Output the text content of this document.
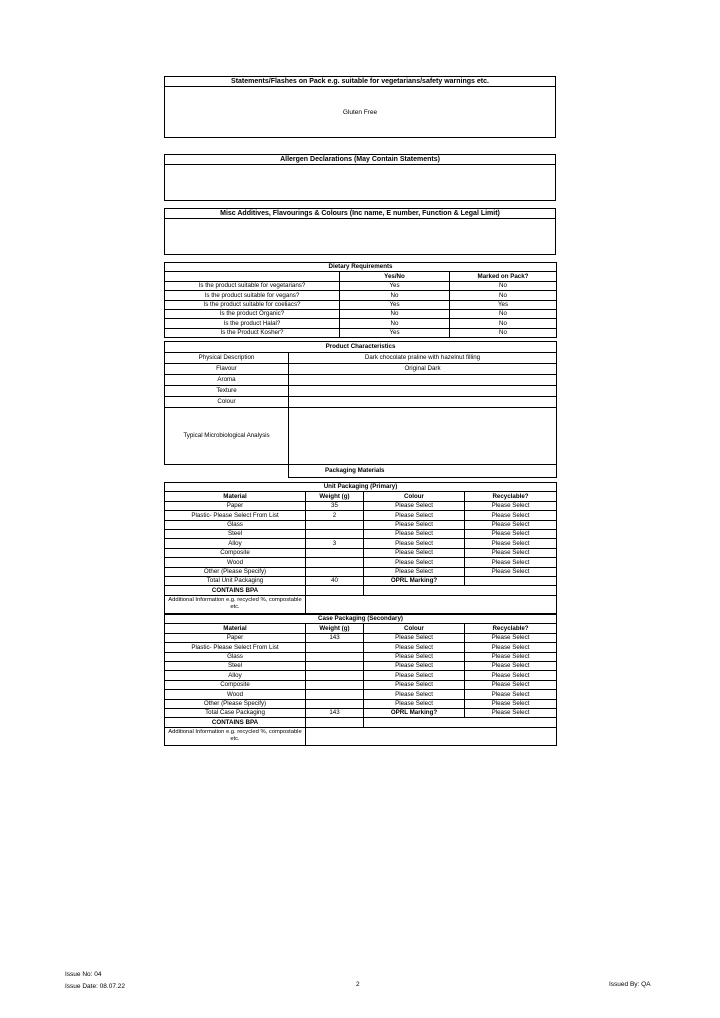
Statements/Flashes on Pack e.g. suitable for vegetarians/safety warnings etc.
Gluten Free
Allergen Declarations (May Contain Statements)
Misc Additives, Flavourings & Colours (Inc name, E number, Function & Legal Limit)
Dietary Requirements		
	Yes/No	Marked on Pack?
Is the product suitable for vegetarians?	Yes	No
Is the product suitable for vegans?	No	No
Is the product suitable for coeliacs?	Yes	Yes
Is the product Organic?	No	No
Is the product Halal?	No	No
Is the Product Kosher?	Yes	No
Product Characteristics	
Physical Description	Dark chocolate praline with hazelnut filling
Flavour	Original Dark
Aroma	
Texture	
Colour	
Typical Microbiological Analysis	
	Packaging Materials
Unit Packaging (Primary)			
Material	Weight (g)	Colour	Recyclable?
Paper	35	Please Select	Please Select
Plastic- Please Select From List	2	Please Select	Please Select
Glass		Please Select	Please Select
Steel		Please Select	Please Select
Alloy	3	Please Select	Please Select
Composite		Please Select	Please Select
Wood		Please Select	Please Select
Other (Please Specify)		Please Select	Please Select
Total Unit Packaging	40	OPRL Marking?	
CONTAINS BPA			
Additional Information e.g. recycled %, compostable etc.			
Case Packaging (Secondary)			
Material	Weight (g)	Colour	Recyclable?
Paper	143	Please Select	Please Select
Plastic- Please Select From List		Please Select	Please Select
Glass		Please Select	Please Select
Steel		Please Select	Please Select
Alloy		Please Select	Please Select
Composite		Please Select	Please Select
Wood		Please Select	Please Select
Other (Please Specify)		Please Select	Please Select
Total Case Packaging	143	OPRL Marking?	Please Select
CONTAINS BPA			
Additional Information e.g. recycled %, compostable etc.			
Issue No: 04
Issue Date: 08.07.22	2	Issued By: QA
